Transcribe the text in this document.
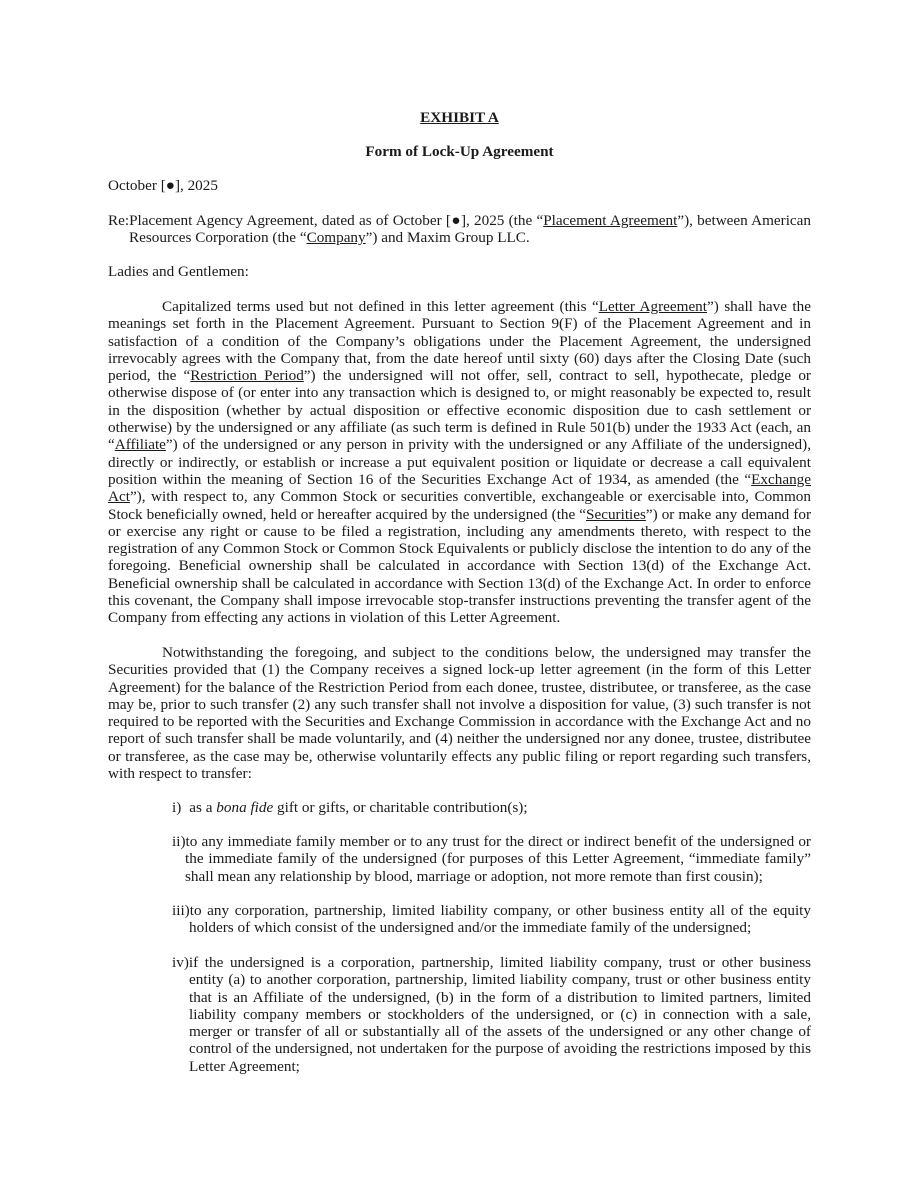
EXHIBIT A
Form of Lock-Up Agreement
October [●], 2025
Re:Placement Agency Agreement, dated as of October [●], 2025 (the “Placement Agreement”), between American Resources Corporation (the “Company”) and Maxim Group LLC.
Ladies and Gentlemen:
Capitalized terms used but not defined in this letter agreement (this “Letter Agreement”) shall have the meanings set forth in the Placement Agreement. Pursuant to Section 9(F) of the Placement Agreement and in satisfaction of a condition of the Company’s obligations under the Placement Agreement, the undersigned irrevocably agrees with the Company that, from the date hereof until sixty (60) days after the Closing Date (such period, the “Restriction Period”) the undersigned will not offer, sell, contract to sell, hypothecate, pledge or otherwise dispose of (or enter into any transaction which is designed to, or might reasonably be expected to, result in the disposition (whether by actual disposition or effective economic disposition due to cash settlement or otherwise) by the undersigned or any affiliate (as such term is defined in Rule 501(b) under the 1933 Act (each, an “Affiliate”) of the undersigned or any person in privity with the undersigned or any Affiliate of the undersigned), directly or indirectly, or establish or increase a put equivalent position or liquidate or decrease a call equivalent position within the meaning of Section 16 of the Securities Exchange Act of 1934, as amended (the “Exchange Act”), with respect to, any Common Stock or securities convertible, exchangeable or exercisable into, Common Stock beneficially owned, held or hereafter acquired by the undersigned (the “Securities”) or make any demand for or exercise any right or cause to be filed a registration, including any amendments thereto, with respect to the registration of any Common Stock or Common Stock Equivalents or publicly disclose the intention to do any of the foregoing. Beneficial ownership shall be calculated in accordance with Section 13(d) of the Exchange Act. Beneficial ownership shall be calculated in accordance with Section 13(d) of the Exchange Act. In order to enforce this covenant, the Company shall impose irrevocable stop-transfer instructions preventing the transfer agent of the Company from effecting any actions in violation of this Letter Agreement.
Notwithstanding the foregoing, and subject to the conditions below, the undersigned may transfer the Securities provided that (1) the Company receives a signed lock-up letter agreement (in the form of this Letter Agreement) for the balance of the Restriction Period from each donee, trustee, distributee, or transferee, as the case may be, prior to such transfer (2) any such transfer shall not involve a disposition for value, (3) such transfer is not required to be reported with the Securities and Exchange Commission in accordance with the Exchange Act and no report of such transfer shall be made voluntarily, and (4) neither the undersigned nor any donee, trustee, distributee or transferee, as the case may be, otherwise voluntarily effects any public filing or report regarding such transfers, with respect to transfer:
i) as a bona fide gift or gifts, or charitable contribution(s);
ii)to any immediate family member or to any trust for the direct or indirect benefit of the undersigned or the immediate family of the undersigned (for purposes of this Letter Agreement, “immediate family” shall mean any relationship by blood, marriage or adoption, not more remote than first cousin);
iii)to any corporation, partnership, limited liability company, or other business entity all of the equity holders of which consist of the undersigned and/or the immediate family of the undersigned;
iv)if the undersigned is a corporation, partnership, limited liability company, trust or other business entity (a) to another corporation, partnership, limited liability company, trust or other business entity that is an Affiliate of the undersigned, (b) in the form of a distribution to limited partners, limited liability company members or stockholders of the undersigned, or (c) in connection with a sale, merger or transfer of all or substantially all of the assets of the undersigned or any other change of control of the undersigned, not undertaken for the purpose of avoiding the restrictions imposed by this Letter Agreement;
